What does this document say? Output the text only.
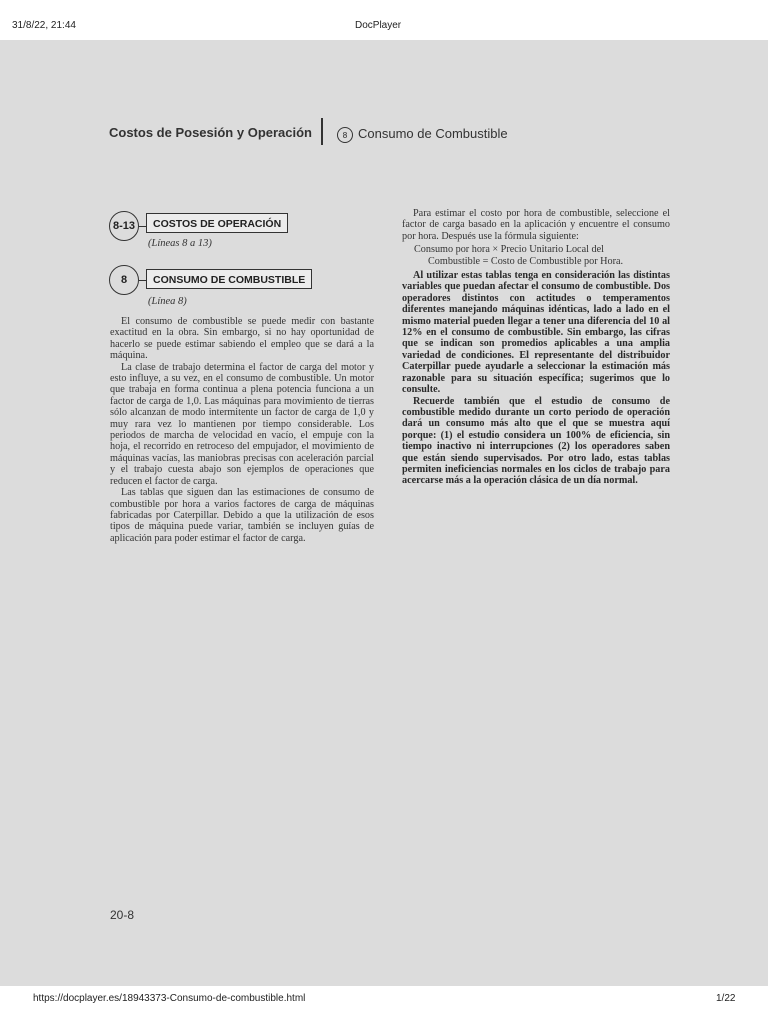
31/8/22, 21:44	DocPlayer
Costos de Posesión y Operación	8 Consumo de Combustible
8-13	COSTOS DE OPERACIÓN
(Líneas 8 a 13)
8	CONSUMO DE COMBUSTIBLE
(Línea 8)

El consumo de combustible se puede medir con bastante exactitud en la obra. Sin embargo, si no hay oportunidad de hacerlo se puede estimar sabiendo el empleo que se dará a la máquina.

La clase de trabajo determina el factor de carga del motor y esto influye, a su vez, en el consumo de combustible. Un motor que trabaja en forma continua a plena potencia funciona a un factor de carga de 1,0. Las máquinas para movimiento de tierras sólo alcanzan de modo intermitente un factor de carga de 1,0 y muy rara vez lo mantienen por tiempo considerable. Los periodos de marcha de velocidad en vacío, el empuje con la hoja, el recorrido en retroceso del empujador, el movimiento de máquinas vacías, las maniobras precisas con aceleración parcial y el trabajo cuesta abajo son ejemplos de operaciones que reducen el factor de carga.

Las tablas que siguen dan las estimaciones de consumo de combustible por hora a varios factores de carga de máquinas fabricadas por Caterpillar. Debido a que la utilización de esos tipos de máquina puede variar, también se incluyen guías de aplicación para poder estimar el factor de carga.

Para estimar el costo por hora de combustible, seleccione el factor de carga basado en la aplicación y encuentre el consumo por hora. Después use la fórmula siguiente:

Consumo por hora × Precio Unitario Local del

Combustible = Costo de Combustible por Hora.

Al utilizar estas tablas tenga en consideración las distintas variables que puedan afectar el consumo de combustible. Dos operadores distintos con actitudes o temperamentos diferentes manejando máquinas idénticas, lado a lado en el mismo material pueden llegar a tener una diferencia del 10 al 12% en el consumo de combustible. Sin embargo, las cifras que se indican son promedios aplicables a una amplia variedad de condiciones. El representante del distribuidor Caterpillar puede ayudarle a seleccionar la estimación más razonable para su situación específica; sugerimos que lo consulte.

Recuerde también que el estudio de consumo de combustible medido durante un corto periodo de operación dará un consumo más alto que el que se muestra aquí porque: (1) el estudio considera un 100% de eficiencia, sin tiempo inactivo ni interrupciones (2) los operadores saben que están siendo supervisados. Por otro lado, estas tablas permiten ineficiencias normales en los ciclos de trabajo para acercarse más a la operación clásica de un día normal.

20-8
https://docplayer.es/18943373-Consumo-de-combustible.html	1/22
